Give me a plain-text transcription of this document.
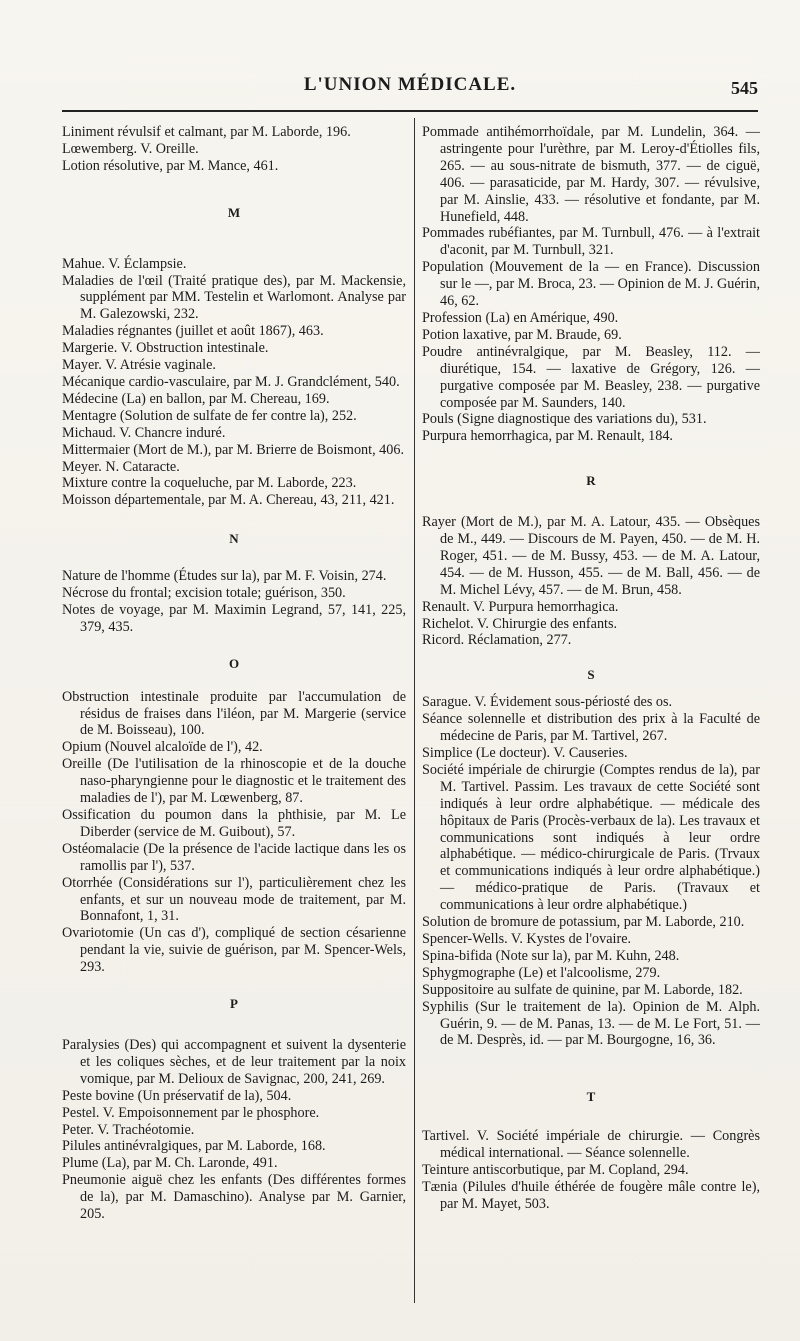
L'UNION MÉDICALE.	545

Liniment révulsif et calmant, par M. Laborde, 196.

Lœwemberg. V. Oreille.

Lotion résolutive, par M. Mance, 461.

M

Mahue. V. Éclampsie.

Maladies de l'œil (Traité pratique des), par M. Mackensie, supplément par MM. Testelin et Warlomont. Analyse par M. Galezowski, 232.

Maladies régnantes (juillet et août 1867), 463.

Margerie. V. Obstruction intestinale.

Mayer. V. Atrésie vaginale.

Mécanique cardio-vasculaire, par M. J. Grandclément, 540.

Médecine (La) en ballon, par M. Chereau, 169.

Mentagre (Solution de sulfate de fer contre la), 252.

Michaud. V. Chancre induré.

Mittermaier (Mort de M.), par M. Brierre de Boismont, 406.

Meyer. N. Cataracte.

Mixture contre la coqueluche, par M. Laborde, 223.

Moisson départementale, par M. A. Chereau, 43, 211, 421.

N

Nature de l'homme (Études sur la), par M. F. Voisin, 274.

Nécrose du frontal; excision totale; guérison, 350.

Notes de voyage, par M. Maximin Legrand, 57, 141, 225, 379, 435.

O

Obstruction intestinale produite par l'accumulation de résidus de fraises dans l'iléon, par M. Margerie (service de M. Boisseau), 100.

Opium (Nouvel alcaloïde de l'), 42.

Oreille (De l'utilisation de la rhinoscopie et de la douche naso-pharyngienne pour le diagnostic et le traitement des maladies de l'), par M. Lœwenberg, 87.

Ossification du poumon dans la phthisie, par M. Le Diberder (service de M. Guibout), 57.

Ostéomalacie (De la présence de l'acide lactique dans les os ramollis par l'), 537.

Otorrhée (Considérations sur l'), particulièrement chez les enfants, et sur un nouveau mode de traitement, par M. Bonnafont, 1, 31.

Ovariotomie (Un cas d'), compliqué de section césarienne pendant la vie, suivie de guérison, par M. Spencer-Wels, 293.

P

Paralysies (Des) qui accompagnent et suivent la dysenterie et les coliques sèches, et de leur traitement par la noix vomique, par M. Delioux de Savignac, 200, 241, 269.

Peste bovine (Un préservatif de la), 504.

Pestel. V. Empoisonnement par le phosphore.

Peter. V. Trachéotomie.

Pilules antinévralgiques, par M. Laborde, 168.

Plume (La), par M. Ch. Laronde, 491.

Pneumonie aiguë chez les enfants (Des différentes formes de la), par M. Damaschino). Analyse par M. Garnier, 205.

Pommade antihémorrhoïdale, par M. Lundelin, 364. — astringente pour l'urèthre, par M. Leroy-d'Étiolles fils, 265. — au sous-nitrate de bismuth, 377. — de ciguë, 406. — parasaticide, par M. Hardy, 307. — révulsive, par M. Ainslie, 433. — résolutive et fondante, par M. Hunefield, 448.

Pommades rubéfiantes, par M. Turnbull, 476. — à l'extrait d'aconit, par M. Turnbull, 321.

Population (Mouvement de la — en France). Discussion sur le —, par M. Broca, 23. — Opinion de M. J. Guérin, 46, 62.

Profession (La) en Amérique, 490.

Potion laxative, par M. Braude, 69.

Poudre antinévralgique, par M. Beasley, 112. — diurétique, 154. — laxative de Grégory, 126. — purgative composée par M. Beasley, 238. — purgative composée par M. Saunders, 140.

Pouls (Signe diagnostique des variations du), 531.

Purpura hemorrhagica, par M. Renault, 184.

R

Rayer (Mort de M.), par M. A. Latour, 435. — Obsèques de M., 449. — Discours de M. Payen, 450. — de M. H. Roger, 451. — de M. Bussy, 453. — de M. A. Latour, 454. — de M. Husson, 455. — de M. Ball, 456. — de M. Michel Lévy, 457. — de M. Brun, 458.

Renault. V. Purpura hemorrhagica.

Richelot. V. Chirurgie des enfants.

Ricord. Réclamation, 277.

S

Sarague. V. Évidement sous-périosté des os.

Séance solennelle et distribution des prix à la Faculté de médecine de Paris, par M. Tartivel, 267.

Simplice (Le docteur). V. Causeries.

Société impériale de chirurgie (Comptes rendus de la), par M. Tartivel. Passim. Les travaux de cette Société sont indiqués à leur ordre alphabétique. — médicale des hôpitaux de Paris (Procès-verbaux de la). Les travaux et communications sont indiqués à leur ordre alphabétique. — médico-chirurgicale de Paris. (Trvaux et communications indiqués à leur ordre alphabétique.) — médico-pratique de Paris. (Travaux et communications à leur ordre alphabétique.)

Solution de bromure de potassium, par M. Laborde, 210.

Spencer-Wells. V. Kystes de l'ovaire.

Spina-bifida (Note sur la), par M. Kuhn, 248.

Sphygmographe (Le) et l'alcoolisme, 279.

Suppositoire au sulfate de quinine, par M. Laborde, 182.

Syphilis (Sur le traitement de la). Opinion de M. Alph. Guérin, 9. — de M. Panas, 13. — de M. Le Fort, 51. — de M. Desprès, id. — par M. Bourgogne, 16, 36.

T

Tartivel. V. Société impériale de chirurgie. — Congrès médical international. — Séance solennelle.

Teinture antiscorbutique, par M. Copland, 294.

Tænia (Pilules d'huile éthérée de fougère mâle contre le), par M. Mayet, 503.
